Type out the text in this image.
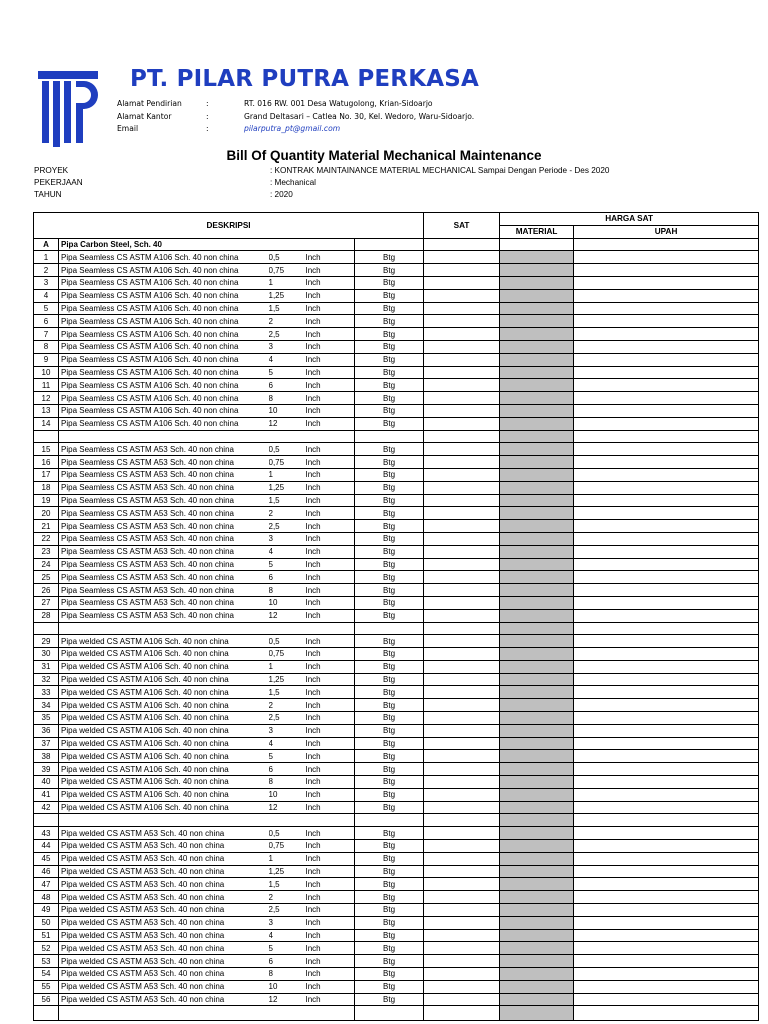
PT. PILAR PUTRA PERKASA
Alamat Pendirian	:	RT. 016 RW. 001 Desa Watugolong, Krian-Sidoarjo
Alamat Kantor	:	Grand Deltasari – Catlea No. 30, Kel. Wedoro, Waru-Sidoarjo.
Email	:	pilarputra_pt@gmail.com
Bill Of Quantity Material Mechanical Maintenance
PROYEK	: KONTRAK MAINTAINANCE MATERIAL MECHANICAL Sampai Dengan Periode - Des 2020
PEKERJAAN	: Mechanical
TAHUN	: 2020
DESKRIPSI					SAT	HARGA SAT	
						MATERIAL	UPAH	
A	Pipa Carbon Steel, Sch. 40							
1	Pipa Seamless CS ASTM A106 Sch. 40 non china	0,5	Inch	Btg				
2	Pipa Seamless CS ASTM A106 Sch. 40 non china	0,75	Inch	Btg				
3	Pipa Seamless CS ASTM A106 Sch. 40 non china	1	Inch	Btg				
4	Pipa Seamless CS ASTM A106 Sch. 40 non china	1,25	Inch	Btg				
5	Pipa Seamless CS ASTM A106 Sch. 40 non china	1,5	Inch	Btg				
6	Pipa Seamless CS ASTM A106 Sch. 40 non china	2	Inch	Btg				
7	Pipa Seamless CS ASTM A106 Sch. 40 non china	2,5	Inch	Btg				
8	Pipa Seamless CS ASTM A106 Sch. 40 non china	3	Inch	Btg				
9	Pipa Seamless CS ASTM A106 Sch. 40 non china	4	Inch	Btg				
10	Pipa Seamless CS ASTM A106 Sch. 40 non china	5	Inch	Btg				
11	Pipa Seamless CS ASTM A106 Sch. 40 non china	6	Inch	Btg				
12	Pipa Seamless CS ASTM A106 Sch. 40 non china	8	Inch	Btg				
13	Pipa Seamless CS ASTM A106 Sch. 40 non china	10	Inch	Btg				
14	Pipa Seamless CS ASTM A106 Sch. 40 non china	12	Inch	Btg				

15	Pipa Seamless CS ASTM A53 Sch. 40 non china	0,5	Inch	Btg				
16	Pipa Seamless CS ASTM A53 Sch. 40 non china	0,75	Inch	Btg				
17	Pipa Seamless CS ASTM A53 Sch. 40 non china	1	Inch	Btg				
18	Pipa Seamless CS ASTM A53 Sch. 40 non china	1,25	Inch	Btg				
19	Pipa Seamless CS ASTM A53 Sch. 40 non china	1,5	Inch	Btg				
20	Pipa Seamless CS ASTM A53 Sch. 40 non china	2	Inch	Btg				
21	Pipa Seamless CS ASTM A53 Sch. 40 non china	2,5	Inch	Btg				
22	Pipa Seamless CS ASTM A53 Sch. 40 non china	3	Inch	Btg				
23	Pipa Seamless CS ASTM A53 Sch. 40 non china	4	Inch	Btg				
24	Pipa Seamless CS ASTM A53 Sch. 40 non china	5	Inch	Btg				
25	Pipa Seamless CS ASTM A53 Sch. 40 non china	6	Inch	Btg				
26	Pipa Seamless CS ASTM A53 Sch. 40 non china	8	Inch	Btg				
27	Pipa Seamless CS ASTM A53 Sch. 40 non china	10	Inch	Btg				
28	Pipa Seamless CS ASTM A53 Sch. 40 non china	12	Inch	Btg				

29	Pipa welded CS ASTM A106 Sch. 40 non china	0,5	Inch	Btg				
30	Pipa welded CS ASTM A106 Sch. 40 non china	0,75	Inch	Btg				
31	Pipa welded CS ASTM A106 Sch. 40 non china	1	Inch	Btg				
32	Pipa welded CS ASTM A106 Sch. 40 non china	1,25	Inch	Btg				
33	Pipa welded CS ASTM A106 Sch. 40 non china	1,5	Inch	Btg				
34	Pipa welded CS ASTM A106 Sch. 40 non china	2	Inch	Btg				
35	Pipa welded CS ASTM A106 Sch. 40 non china	2,5	Inch	Btg				
36	Pipa welded CS ASTM A106 Sch. 40 non china	3	Inch	Btg				
37	Pipa welded CS ASTM A106 Sch. 40 non china	4	Inch	Btg				
38	Pipa welded CS ASTM A106 Sch. 40 non china	5	Inch	Btg				
39	Pipa welded CS ASTM A106 Sch. 40 non china	6	Inch	Btg				
40	Pipa welded CS ASTM A106 Sch. 40 non china	8	Inch	Btg				
41	Pipa welded CS ASTM A106 Sch. 40 non china	10	Inch	Btg				
42	Pipa welded CS ASTM A106 Sch. 40 non china	12	Inch	Btg				

43	Pipa welded CS ASTM A53 Sch. 40 non china	0,5	Inch	Btg				
44	Pipa welded CS ASTM A53 Sch. 40 non china	0,75	Inch	Btg				
45	Pipa welded CS ASTM A53 Sch. 40 non china	1	Inch	Btg				
46	Pipa welded CS ASTM A53 Sch. 40 non china	1,25	Inch	Btg				
47	Pipa welded CS ASTM A53 Sch. 40 non china	1,5	Inch	Btg				
48	Pipa welded CS ASTM A53 Sch. 40 non china	2	Inch	Btg				
49	Pipa welded CS ASTM A53 Sch. 40 non china	2,5	Inch	Btg				
50	Pipa welded CS ASTM A53 Sch. 40 non china	3	Inch	Btg				
51	Pipa welded CS ASTM A53 Sch. 40 non china	4	Inch	Btg				
52	Pipa welded CS ASTM A53 Sch. 40 non china	5	Inch	Btg				
53	Pipa welded CS ASTM A53 Sch. 40 non china	6	Inch	Btg				
54	Pipa welded CS ASTM A53 Sch. 40 non china	8	Inch	Btg				
55	Pipa welded CS ASTM A53 Sch. 40 non china	10	Inch	Btg				
56	Pipa welded CS ASTM A53 Sch. 40 non china	12	Inch	Btg				
